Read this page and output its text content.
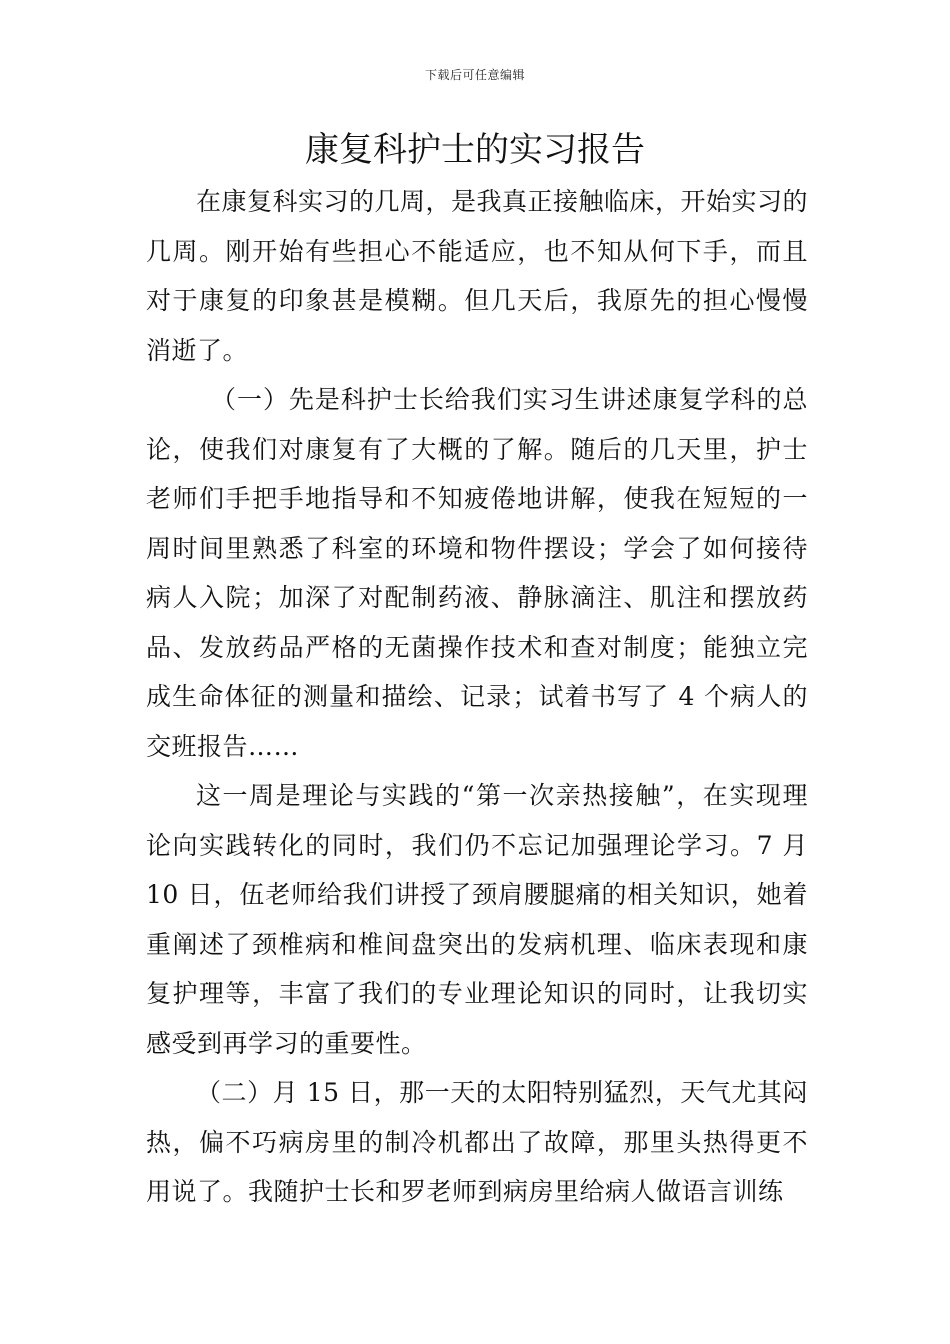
下载后可任意编辑
康复科护士的实习报告

在康复科实习的几周，是我真正接触临床，开始实习的几周。刚开始有些担心不能适应，也不知从何下手，而且对于康复的印象甚是模糊。但几天后，我原先的担心慢慢消逝了。

（一）先是科护士长给我们实习生讲述康复学科的总论，使我们对康复有了大概的了解。随后的几天里，护士老师们手把手地指导和不知疲倦地讲解，使我在短短的一周时间里熟悉了科室的环境和物件摆设；学会了如何接待病人入院；加深了对配制药液、静脉滴注、肌注和摆放药品、发放药品严格的无菌操作技术和查对制度；能独立完成生命体征的测量和描绘、记录；试着书写了 4 个病人的交班报告……

这一周是理论与实践的“第一次亲热接触”，在实现理论向实践转化的同时，我们仍不忘记加强理论学习。7 月 10 日，伍老师给我们讲授了颈肩腰腿痛的相关知识，她着重阐述了颈椎病和椎间盘突出的发病机理、临床表现和康复护理等，丰富了我们的专业理论知识的同时，让我切实感受到再学习的重要性。

（二）月 15 日，那一天的太阳特别猛烈，天气尤其闷热，偏不巧病房里的制冷机都出了故障，那里头热得更不用说了。我随护士长和罗老师到病房里给病人做语言训练
